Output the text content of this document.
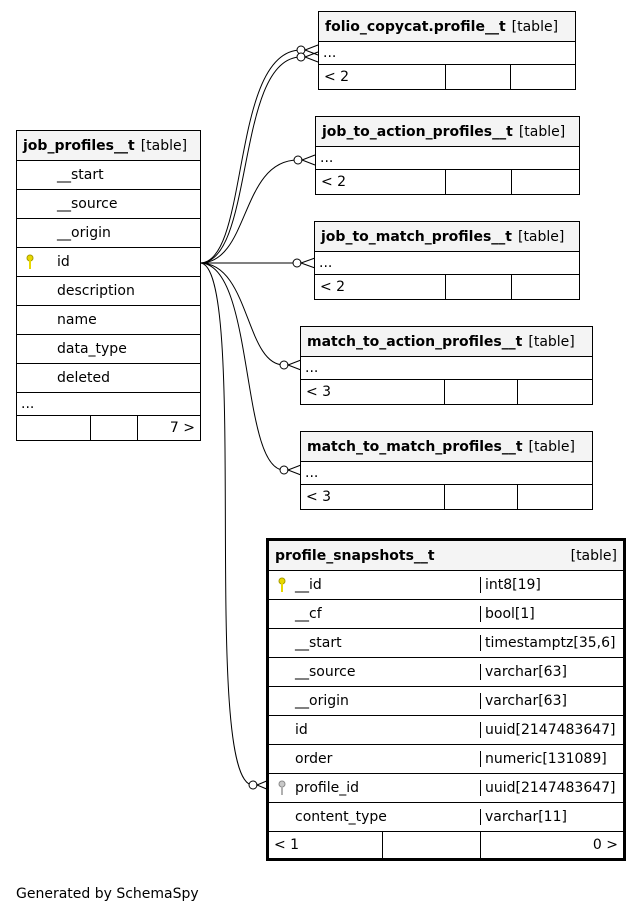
job_profiles__t [table]
__start
__source
__origin
id
description
name
data_type
deleted
...
7 >
folio_copycat.profile__t [table]
...
< 2
job_to_action_profiles__t [table]
...
< 2
job_to_match_profiles__t [table]
...
< 2
match_to_action_profiles__t [table]
...
< 3
match_to_match_profiles__t [table]
...
< 3
profile_snapshots__t	[table]
__id	int8[19]
__cf	bool[1]
__start	timestamptz[35,6]
__source	varchar[63]
__origin	varchar[63]
id	uuid[2147483647]
order	numeric[131089]
profile_id	uuid[2147483647]
content_type	varchar[11]
< 1	0 >
Generated by SchemaSpy
